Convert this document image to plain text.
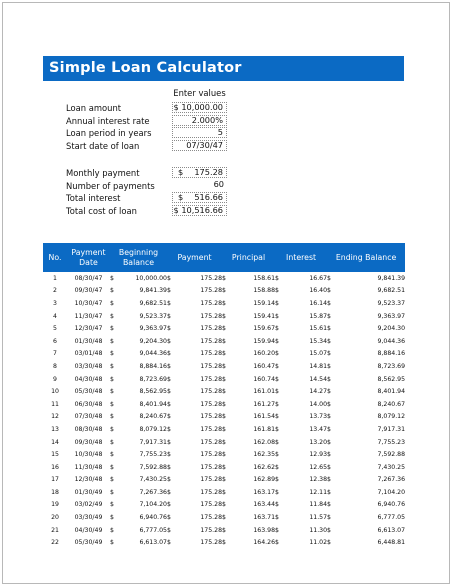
Simple Loan Calculator
Enter values
Loan amount	$ 10,000.00
Annual interest rate	2.000%
Loan period in years	5
Start date of loan	07/30/47
Monthly payment	$ 175.28
Number of payments	60
Total interest	$ 516.66
Total cost of loan	$ 10,516.66
No.	Payment Date	Beginning Balance		Payment		Principal		Interest		Ending Balance	
1	08/30/47	$	10,000.00	$	175.28	$	158.61	$	16.67	$	9,841.39
2	09/30/47	$	9,841.39	$	175.28	$	158.88	$	16.40	$	9,682.51
3	10/30/47	$	9,682.51	$	175.28	$	159.14	$	16.14	$	9,523.37
4	11/30/47	$	9,523.37	$	175.28	$	159.41	$	15.87	$	9,363.97
5	12/30/47	$	9,363.97	$	175.28	$	159.67	$	15.61	$	9,204.30
6	01/30/48	$	9,204.30	$	175.28	$	159.94	$	15.34	$	9,044.36
7	03/01/48	$	9,044.36	$	175.28	$	160.20	$	15.07	$	8,884.16
8	03/30/48	$	8,884.16	$	175.28	$	160.47	$	14.81	$	8,723.69
9	04/30/48	$	8,723.69	$	175.28	$	160.74	$	14.54	$	8,562.95
10	05/30/48	$	8,562.95	$	175.28	$	161.01	$	14.27	$	8,401.94
11	06/30/48	$	8,401.94	$	175.28	$	161.27	$	14.00	$	8,240.67
12	07/30/48	$	8,240.67	$	175.28	$	161.54	$	13.73	$	8,079.12
13	08/30/48	$	8,079.12	$	175.28	$	161.81	$	13.47	$	7,917.31
14	09/30/48	$	7,917.31	$	175.28	$	162.08	$	13.20	$	7,755.23
15	10/30/48	$	7,755.23	$	175.28	$	162.35	$	12.93	$	7,592.88
16	11/30/48	$	7,592.88	$	175.28	$	162.62	$	12.65	$	7,430.25
17	12/30/48	$	7,430.25	$	175.28	$	162.89	$	12.38	$	7,267.36
18	01/30/49	$	7,267.36	$	175.28	$	163.17	$	12.11	$	7,104.20
19	03/02/49	$	7,104.20	$	175.28	$	163.44	$	11.84	$	6,940.76
20	03/30/49	$	6,940.76	$	175.28	$	163.71	$	11.57	$	6,777.05
21	04/30/49	$	6,777.05	$	175.28	$	163.98	$	11.30	$	6,613.07
22	05/30/49	$	6,613.07	$	175.28	$	164.26	$	11.02	$	6,448.81
